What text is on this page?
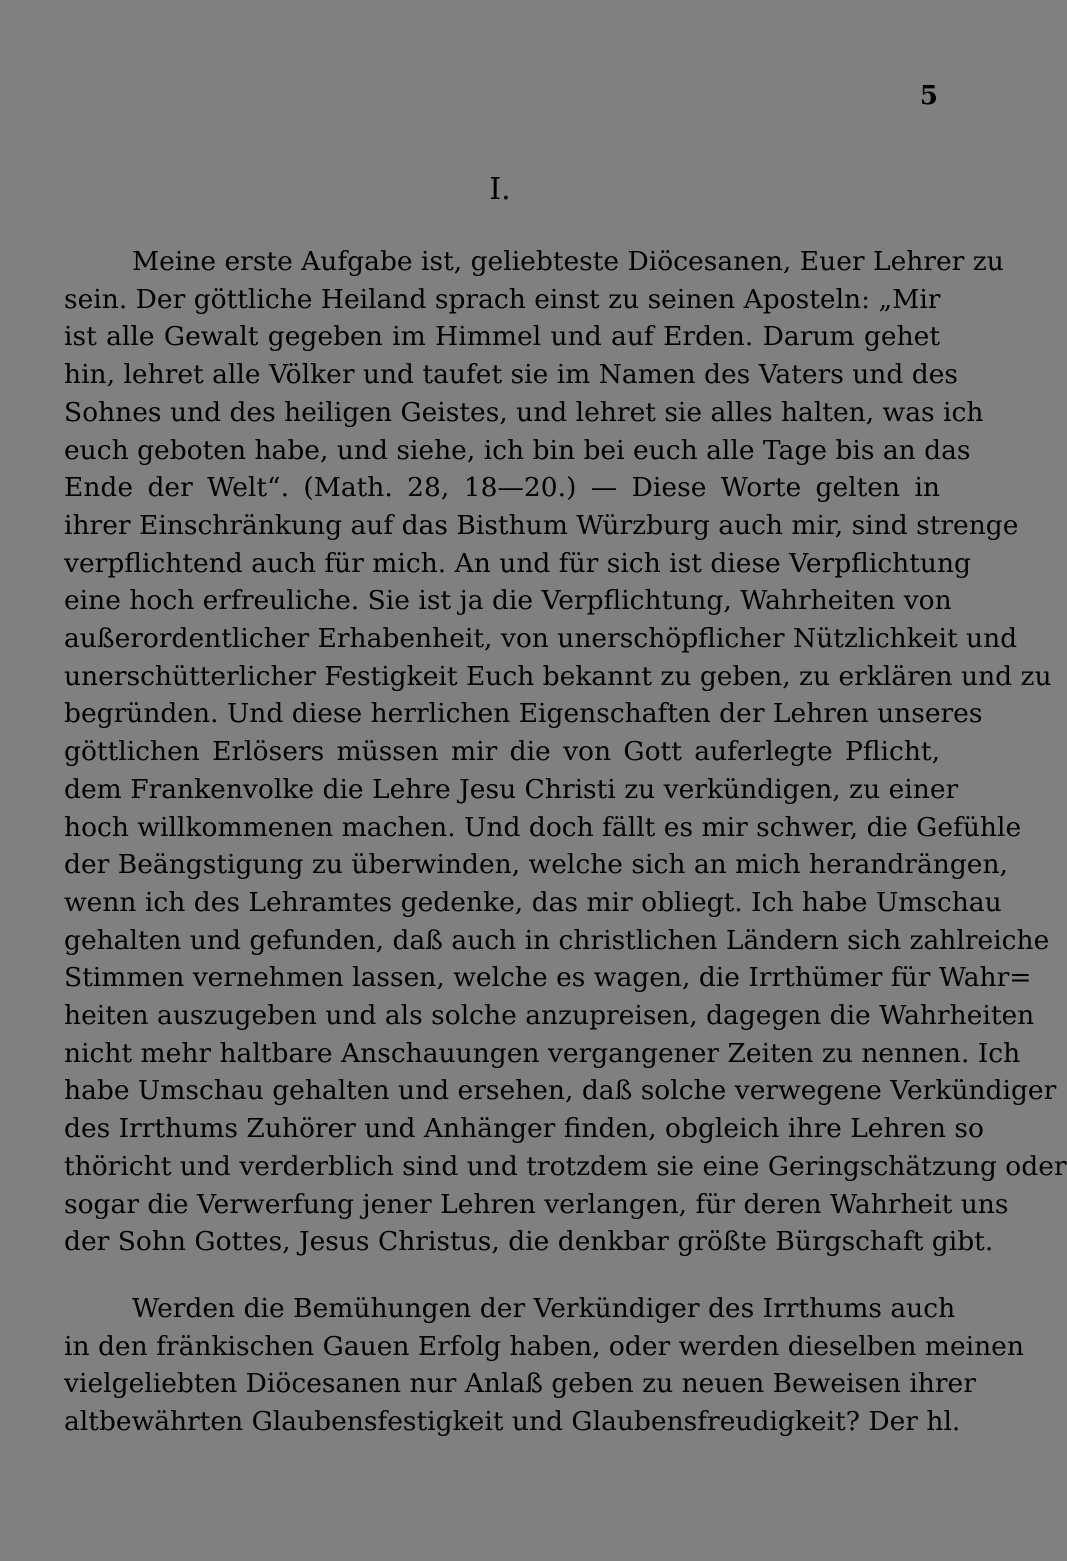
5
I.
Meine erste Aufgabe ist, geliebteste Diöcesanen, Euer Lehrer zu
sein. Der göttliche Heiland sprach einst zu seinen Aposteln: „Mir
ist alle Gewalt gegeben im Himmel und auf Erden. Darum gehet
hin, lehret alle Völker und taufet sie im Namen des Vaters und des
Sohnes und des heiligen Geistes, und lehret sie alles halten, was ich
euch geboten habe, und siehe, ich bin bei euch alle Tage bis an das
Ende der Welt“. (Math. 28, 18—20.) — Diese Worte gelten in
ihrer Einschränkung auf das Bisthum Würzburg auch mir, sind strenge
verpflichtend auch für mich. An und für sich ist diese Verpflichtung
eine hoch erfreuliche. Sie ist ja die Verpflichtung, Wahrheiten von
außerordentlicher Erhabenheit, von unerschöpflicher Nützlichkeit und
unerschütterlicher Festigkeit Euch bekannt zu geben, zu erklären und zu
begründen. Und diese herrlichen Eigenschaften der Lehren unseres
göttlichen Erlösers müssen mir die von Gott auferlegte Pflicht,
dem Frankenvolke die Lehre Jesu Christi zu verkündigen, zu einer
hoch willkommenen machen. Und doch fällt es mir schwer, die Gefühle
der Beängstigung zu überwinden, welche sich an mich herandrängen,
wenn ich des Lehramtes gedenke, das mir obliegt. Ich habe Umschau
gehalten und gefunden, daß auch in christlichen Ländern sich zahlreiche
Stimmen vernehmen lassen, welche es wagen, die Irrthümer für Wahr=
heiten auszugeben und als solche anzupreisen, dagegen die Wahrheiten
nicht mehr haltbare Anschauungen vergangener Zeiten zu nennen. Ich
habe Umschau gehalten und ersehen, daß solche verwegene Verkündiger
des Irrthums Zuhörer und Anhänger finden, obgleich ihre Lehren so
thöricht und verderblich sind und trotzdem sie eine Geringschätzung oder
sogar die Verwerfung jener Lehren verlangen, für deren Wahrheit uns
der Sohn Gottes, Jesus Christus, die denkbar größte Bürgschaft gibt.
Werden die Bemühungen der Verkündiger des Irrthums auch
in den fränkischen Gauen Erfolg haben, oder werden dieselben meinen
vielgeliebten Diöcesanen nur Anlaß geben zu neuen Beweisen ihrer
altbewährten Glaubensfestigkeit und Glaubensfreudigkeit? Der hl.
